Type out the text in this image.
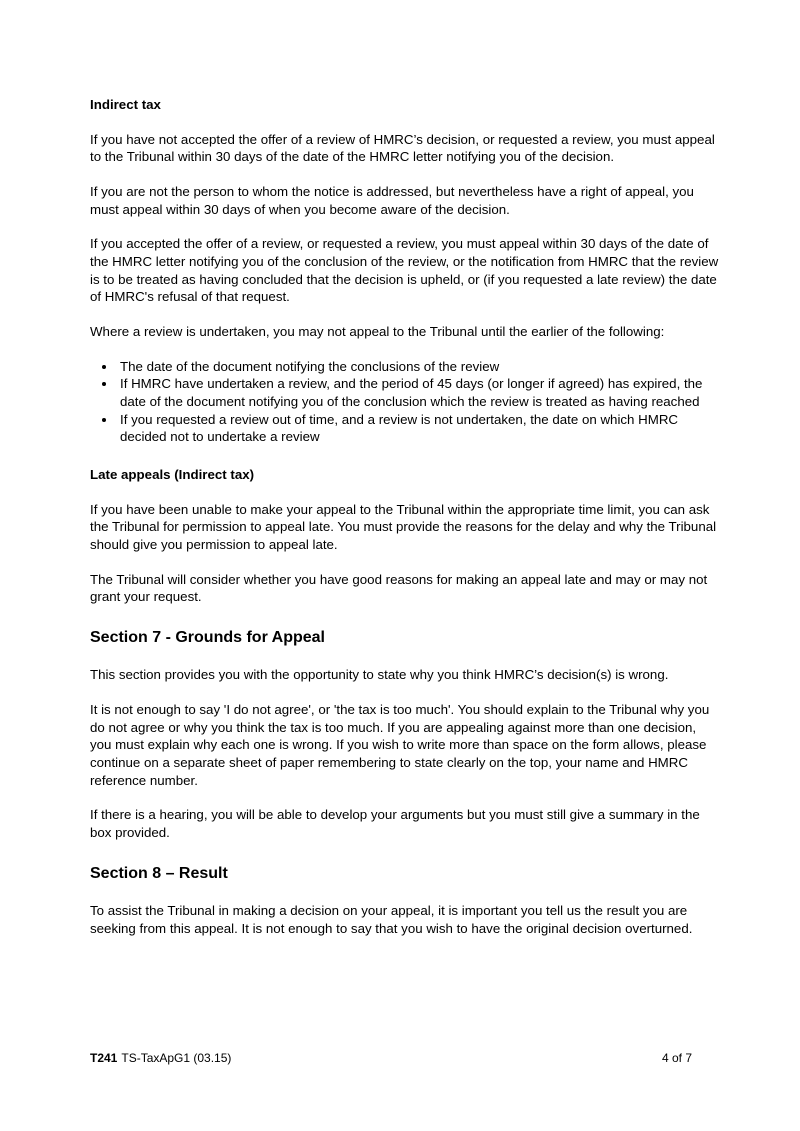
Indirect tax

If you have not accepted the offer of a review of HMRC’s decision, or requested a review, you must appeal to the Tribunal within 30 days of the date of the HMRC letter notifying you of the decision.

If you are not the person to whom the notice is addressed, but nevertheless have a right of appeal, you must appeal within 30 days of when you become aware of the decision.

If you accepted the offer of a review, or requested a review, you must appeal within 30 days of the date of the HMRC letter notifying you of the conclusion of the review, or the notification from HMRC that the review is to be treated as having concluded that the decision is upheld, or (if you requested a late review) the date of HMRC's refusal of that request.

Where a review is undertaken, you may not appeal to the Tribunal until the earlier of the following:

• The date of the document notifying the conclusions of the review
• If HMRC have undertaken a review, and the period of 45 days (or longer if agreed) has expired, the date of the document notifying you of the conclusion which the review is treated as having reached
• If you requested a review out of time, and a review is not undertaken, the date on which HMRC decided not to undertake a review
Late appeals (Indirect tax)

If you have been unable to make your appeal to the Tribunal within the appropriate time limit, you can ask the Tribunal for permission to appeal late. You must provide the reasons for the delay and why the Tribunal should give you permission to appeal late.

The Tribunal will consider whether you have good reasons for making an appeal late and may or may not grant your request.

Section 7 - Grounds for Appeal

This section provides you with the opportunity to state why you think HMRC’s decision(s) is wrong.

It is not enough to say 'I do not agree', or 'the tax is too much'. You should explain to the Tribunal why you do not agree or why you think the tax is too much. If you are appealing against more than one decision, you must explain why each one is wrong. If you wish to write more than space on the form allows, please continue on a separate sheet of paper remembering to state clearly on the top, your name and HMRC reference number.

If there is a hearing, you will be able to develop your arguments but you must still give a summary in the box provided.

Section 8 – Result

To assist the Tribunal in making a decision on your appeal, it is important you tell us the result you are seeking from this appeal. It is not enough to say that you wish to have the original decision overturned.

T241 TS-TaxApG1 (03.15)	4 of 7
